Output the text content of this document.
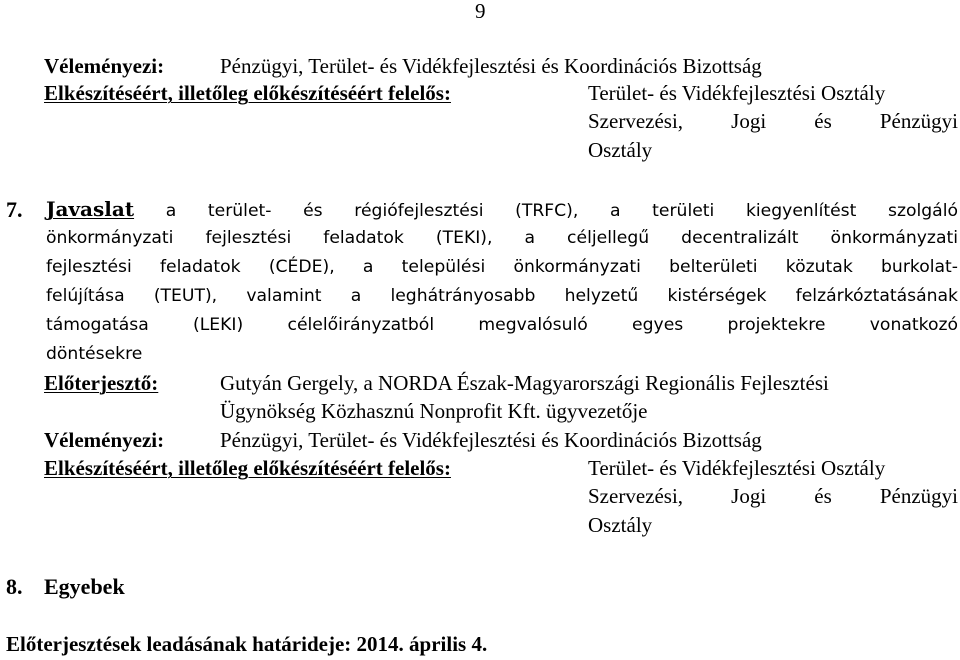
9
Véleményezi:	Pénzügyi, Terület- és Vidékfejlesztési és Koordinációs Bizottság
Elkészítéséért, illetőleg előkészítéséért felelős:	Terület- és Vidékfejlesztési Osztály
Szervezési, Jogi és Pénzügyi
Osztály
7. Javaslat a terület- és régiófejlesztési (TRFC), a területi kiegyenlítést szolgáló
önkormányzati fejlesztési feladatok (TEKI), a céljellegű decentralizált önkormányzati
fejlesztési feladatok (CÉDE), a települési önkormányzati belterületi közutak burkolat-
felújítása (TEUT), valamint a leghátrányosabb helyzetű kistérségek felzárkóztatásának
támogatása (LEKI) célelőirányzatból megvalósuló egyes projektekre vonatkozó
döntésekre
Előterjesztő:	Gutyán Gergely, a NORDA Észak-Magyarországi Regionális Fejlesztési
Ügynökség Közhasznú Nonprofit Kft. ügyvezetője
Véleményezi:	Pénzügyi, Terület- és Vidékfejlesztési és Koordinációs Bizottság
Elkészítéséért, illetőleg előkészítéséért felelős:	Terület- és Vidékfejlesztési Osztály
Szervezési, Jogi és Pénzügyi
Osztály
8. Egyebek
Előterjesztések leadásának határideje: 2014. április 4.
